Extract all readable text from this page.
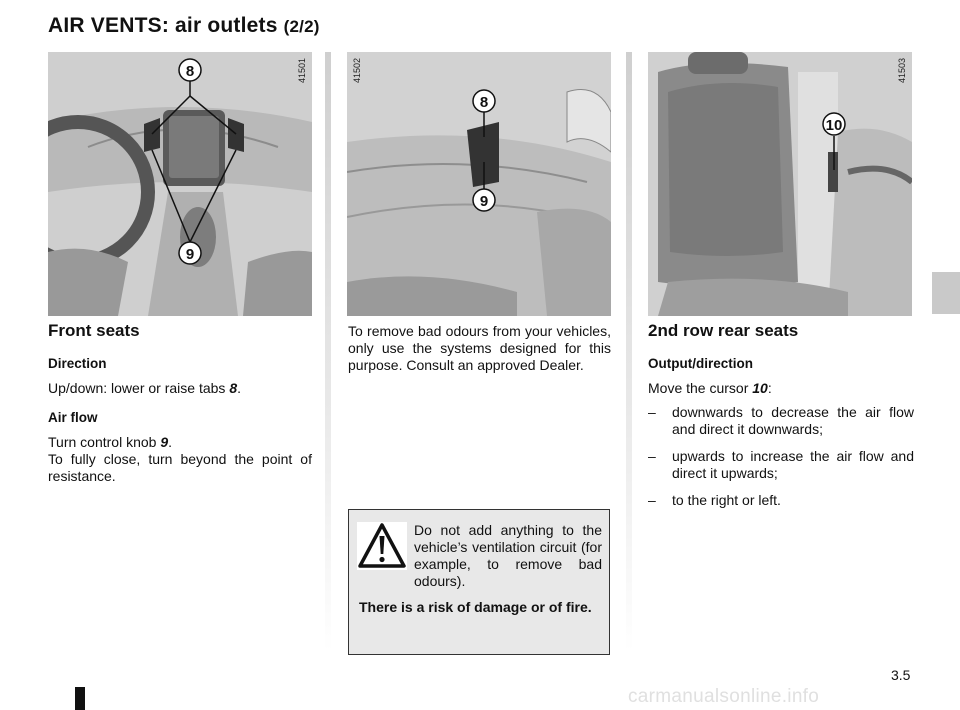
AIR VENTS: air outlets (2/2)
8
9
41501
8
9
41502
10
41503
Front seats
Direction
Up/down: lower or raise tabs 8.
Air flow
Turn control knob 9.
To fully close, turn beyond the point of resistance.
To remove bad odours from your vehicles, only use the systems designed for this purpose. Consult an approved Dealer.
Do not add anything to the vehicle’s ventilation circuit (for example, to remove bad odours).
There is a risk of damage or of fire.
2nd row rear seats
Output/direction
Move the cursor 10:
– downwards to decrease the air flow and direct it downwards;
– upwards to increase the air flow and direct it upwards;
– to the right or left.
3.5
carmanualsonline.info
